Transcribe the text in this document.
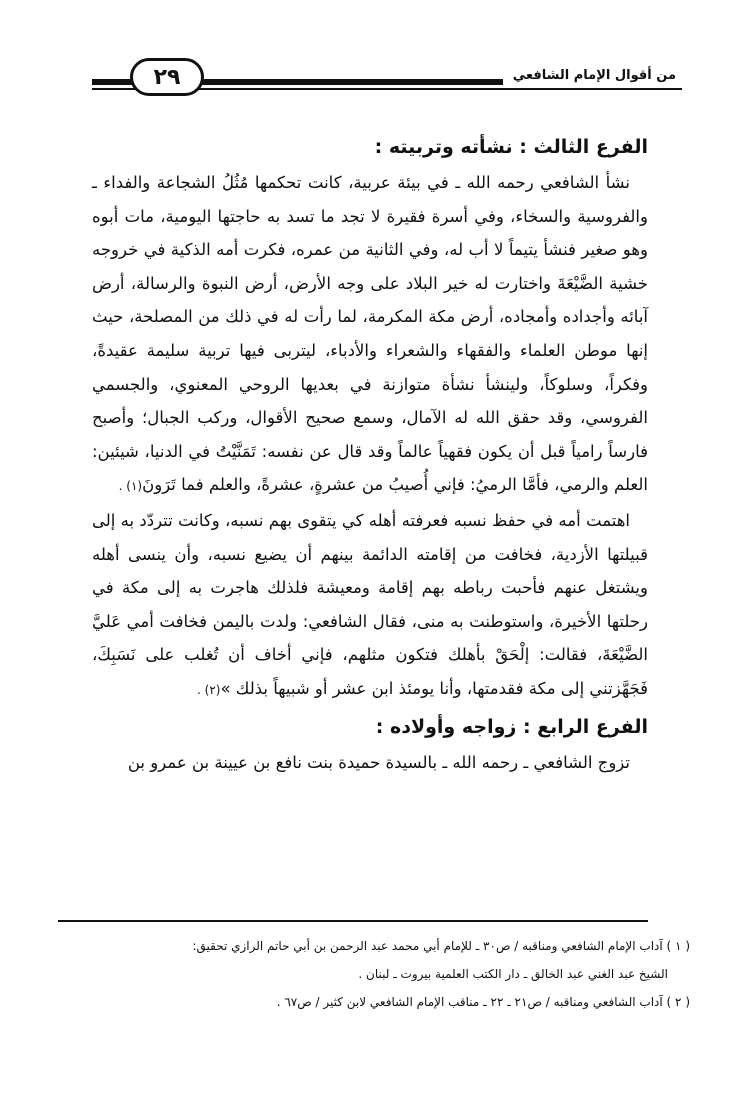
٢٩	من أقوال الإمام الشافعي
الفرع الثالث : نشأته وتربيته :

نشأ الشافعي رحمه الله ـ في بيئة عربية، كانت تحكمها مُثُلُ الشجاعة والفداء ـ والفروسية والسخاء، وفي أسرة فقيرة لا تجد ما تسد به حاجتها اليومية، مات أبوه وهو صغير فنشأ يتيماً لا أب له، وفي الثانية من عمره، فكرت أمه الذكية في خروجه خشية الضَّيْعَةَ واختارت له خير البلاد على وجه الأرض، أرض النبوة والرسالة، أرض آبائه وأجداده وأمجاده، أرض مكة المكرمة، لما رأت له في ذلك من المصلحة، حيث إنها موطن العلماء والفقهاء والشعراء والأدباء، ليتربى فيها تربية سليمة عقيدةً، وفكراً، وسلوكاً، ولينشأ نشأة متوازنة في بعديها الروحي المعنوي، والجسمي الفروسي، وقد حقق الله له الآمال، وسمع صحيح الأقوال، وركب الجبال؛ وأصبح فارساً رامياً قبل أن يكون فقهياً عالماً وقد قال عن نفسه: تَمَنَّيْتُ في الدنيا، شيئين: العلم والرمي، فأمَّا الرميُ: فإني أُصيبُ من عشرةٍ، عشرةً، والعلم فما تَرَونَ(١) .

اهتمت أمه في حفظ نسبه فعرفته أهله كي يتقوى بهم نسبه، وكانت تتردّد به إلى قبيلتها الأزدية، فخافت من إقامته الدائمة بينهم أن يضيع نسبه، وأن ينسى أهله ويشتغل عنهم فأحبت رباطه بهم إقامة ومعيشة فلذلك هاجرت به إلى مكة في رحلتها الأخيرة، واستوطنت به منى، فقال الشافعي: ولدت باليمن فخافت أمي عَليَّ الضَّيْعَةَ، فقالت: إلْحَقْ بأهلك فتكون مثلهم، فإني أخاف أن تُغلب على نَسَبِكَ، فَجَهَّزتني إلى مكة فقدمتها، وأنا يومئذ ابن عشر أو شبيهاً بذلك »(٢) .

الفرع الرابع : زواجه وأولاده :

تزوج الشافعي ـ رحمه الله ـ بالسيدة حميدة بنت نافع بن عيينة بن عمرو بن

( ١ ) آداب الإمام الشافعي ومناقبه / ص٣٠ ـ للإمام أبي محمد عبد الرحمن بن أبي حاتم الرازي تحقيق:
الشيخ عبد الغني عبد الخالق ـ دار الكتب العلمية بيروت ـ لبنان .

( ٢ ) آداب الشافعي ومناقبه / ص٢١ ـ ٢٢ ـ مناقب الإمام الشافعي لابن كثير / ص٦٧ .
